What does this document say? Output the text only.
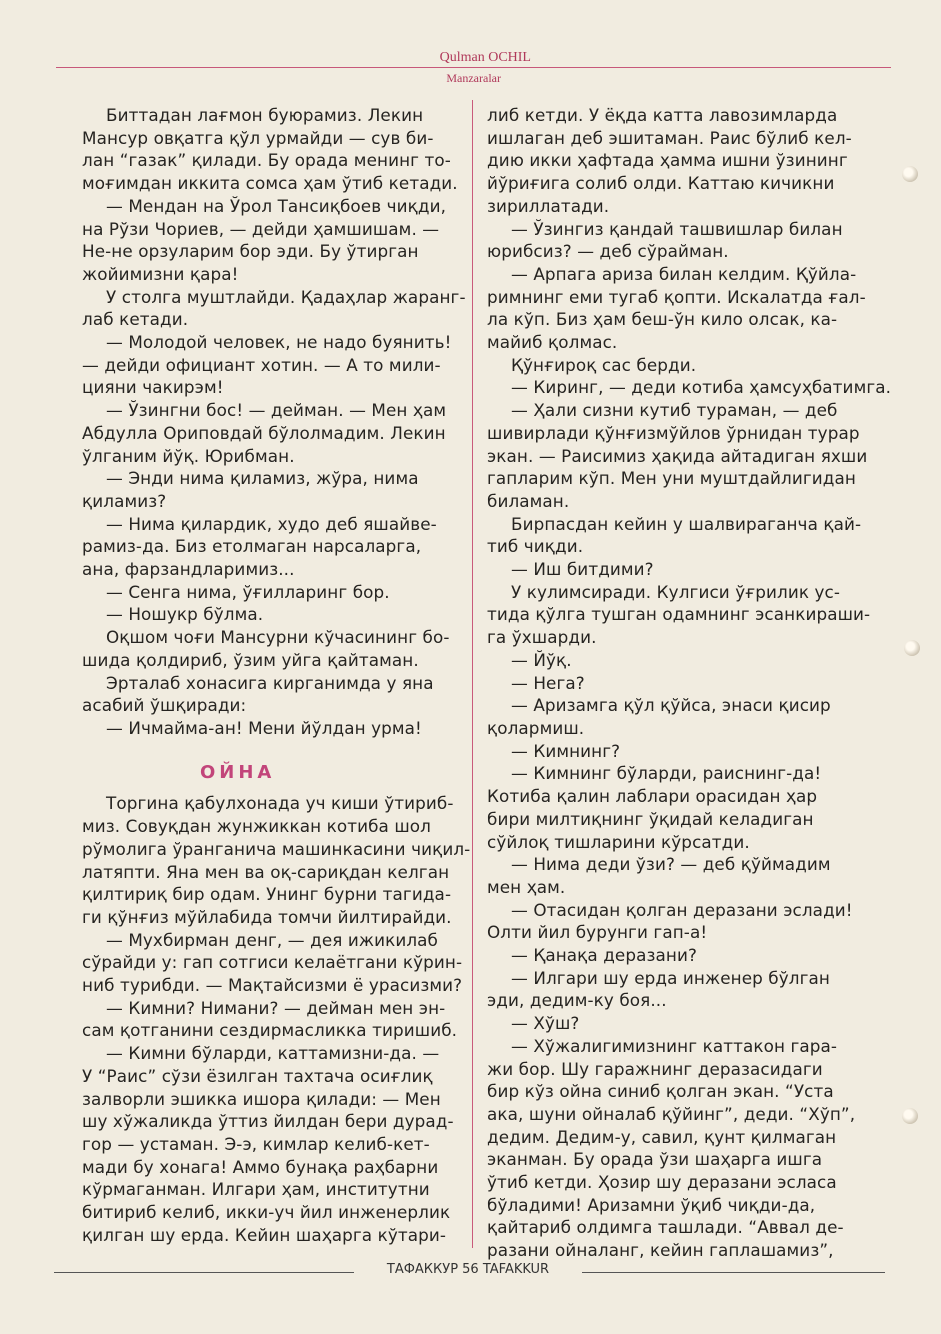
Qulman OCHIL
Manzaralar
Биттадан лағмон буюрамиз. Лекин
Мансур овқатга қўл урмайди — сув би-
лан “газак” қилади. Бу орада менинг то-
моғимдан иккита сомса ҳам ўтиб кетади.
— Мендан на Ўрол Тансиқбоев чиқди,
на Рўзи Чориев, — дейди ҳамшишам. —
Не-не орзуларим бор эди. Бу ўтирган
жойимизни қара!
У столга муштлайди. Қадаҳлар жаранг-
лаб кетади.
— Молодой человек, не надо буянить!
— дейди официант хотин. — А то мили-
цияни чакирэм!
— Ўзингни бос! — дейман. — Мен ҳам
Абдулла Ориповдай бўлолмадим. Лекин
ўлганим йўқ. Юрибман.
— Энди нима қиламиз, жўра, нима
қиламиз?
— Нима қилардик, худо деб яшайве-
рамиз-да. Биз етолмаган нарсаларга,
ана, фарзандларимиз...
— Сенга нима, ўғилларинг бор.
— Ношукр бўлма.
Оқшом чоғи Мансурни кўчасининг бо-
шида қолдириб, ўзим уйга қайтаман.
Эрталаб хонасига кирганимда у яна
асабий ўшқиради:
— Ичмайма-ан! Мени йўлдан урма!
ОЙНА
Торгина қабулхонада уч киши ўтириб-
миз. Совуқдан жунжиккан котиба шол
рўмолига ўранганича машинкасини чиқил-
латяпти. Яна мен ва оқ-сариқдан келган
қилтириқ бир одам. Унинг бурни тагида-
ги қўнғиз мўйлабида томчи йилтирайди.
— Мухбирман денг, — дея ижикилаб
сўрайди у: гап сотгиси келаётгани кўрин-
ниб турибди. — Мақтайсизми ё урасизми?
— Кимни? Нимани? — дейман мен эн-
сам қотганини сездирмасликка тиришиб.
— Кимни бўларди, каттамизни-да. —
У “Раис” сўзи ёзилган тахтача осиғлиқ
залворли эшикка ишора қилади: — Мен
шу хўжаликда ўттиз йилдан бери дурад-
гор — устаман. Э-э, кимлар келиб-кет-
мади бу хонага! Аммо бунақа раҳбарни
кўрмаганман. Илгари ҳам, институтни
битириб келиб, икки-уч йил инженерлик
қилган шу ерда. Кейин шаҳарга кўтари-
либ кетди. У ёқда катта лавозимларда
ишлаган деб эшитаман. Раис бўлиб кел-
дию икки ҳафтада ҳамма ишни ўзининг
йўриғига солиб олди. Каттаю кичикни
зириллатади.
— Ўзингиз қандай ташвишлар билан
юрибсиз? — деб сўрайман.
— Арпага ариза билан келдим. Қўйла-
римнинг еми тугаб қопти. Искалатда ғал-
ла кўп. Биз ҳам беш-ўн кило олсак, ка-
майиб қолмас.
Қўнғироқ сас берди.
— Киринг, — деди котиба ҳамсуҳбатимга.
— Ҳали сизни кутиб тураман, — деб
шивирлади қўнғизмўйлов ўрнидан турар
экан. — Раисимиз ҳақида айтадиган яхши
гапларим кўп. Мен уни муштдайлигидан
биламан.
Бирпасдан кейин у шалвираганча қай-
тиб чиқди.
— Иш битдими?
У кулимсиради. Кулгиси ўғрилик ус-
тида қўлга тушган одамнинг эсанкираши-
га ўхшарди.
— Йўқ.
— Нега?
— Аризамга қўл қўйса, энаси қисир
қолармиш.
— Кимнинг?
— Кимнинг бўларди, раиснинг-да!
Котиба қалин лаблари орасидан ҳар
бири милтиқнинг ўқидай келадиган
сўйлоқ тишларини кўрсатди.
— Нима деди ўзи? — деб қўймадим
мен ҳам.
— Отасидан қолган деразани эслади!
Олти йил бурунги гап-а!
— Қанақа деразани?
— Илгари шу ерда инженер бўлган
эди, дедим-ку боя...
— Хўш?
— Хўжалигимизнинг каттакон гара-
жи бор. Шу гаражнинг деразасидаги
бир кўз ойна синиб қолган экан. “Уста
ака, шуни ойналаб қўйинг”, деди. “Хўп”,
дедим. Дедим-у, савил, қунт қилмаган
эканман. Бу орада ўзи шаҳарга ишга
ўтиб кетди. Ҳозир шу деразани эсласа
бўладими! Аризамни ўқиб чиқди-да,
қайтариб олдимга ташлади. “Аввал де-
разани ойналанг, кейин гаплашамиз”,
ТАФАККУР 56 TAFAKKUR
